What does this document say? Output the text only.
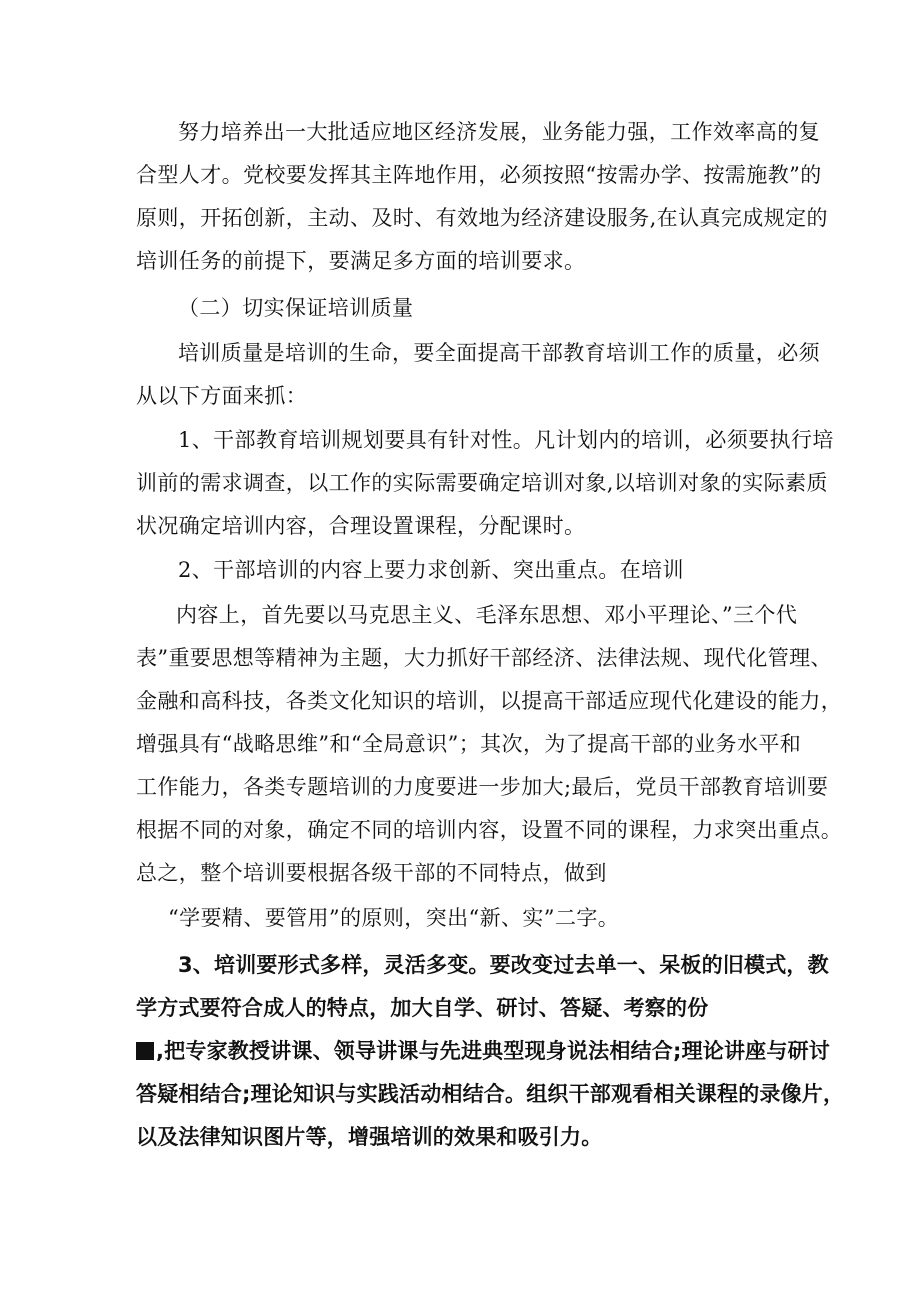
努力培养出一大批适应地区经济发展，业务能力强，工作效率高的复
合型人才。党校要发挥其主阵地作用，必须按照“按需办学、按需施教”的
原则，开拓创新，主动、及时、有效地为经济建设服务,在认真完成规定的
培训任务的前提下，要满足多方面的培训要求。
（二）切实保证培训质量
培训质量是培训的生命，要全面提高干部教育培训工作的质量，必须
从以下方面来抓：
1、干部教育培训规划要具有针对性。凡计划内的培训，必须要执行培
训前的需求调查，以工作的实际需要确定培训对象,以培训对象的实际素质
状况确定培训内容，合理设置课程，分配课时。
2、干部培训的内容上要力求创新、突出重点。在培训
内容上，首先要以马克思主义、毛泽东思想、邓小平理论、”三个代
表”重要思想等精神为主题，大力抓好干部经济、法律法规、现代化管理、
金融和高科技，各类文化知识的培训，以提高干部适应现代化建设的能力，
增强具有“战略思维”和“全局意识”；其次，为了提高干部的业务水平和
工作能力，各类专题培训的力度要进一步加大;最后，党员干部教育培训要
根据不同的对象，确定不同的培训内容，设置不同的课程，力求突出重点。
总之，整个培训要根据各级干部的不同特点，做到
“学要精、要管用”的原则，突出“新、实”二字。
3、培训要形式多样，灵活多变。要改变过去单一、呆板的旧模式，教
学方式要符合成人的特点，加大自学、研讨、答疑、考察的份
,把专家教授讲课、领导讲课与先进典型现身说法相结合;理论讲座与研讨
答疑相结合;理论知识与实践活动相结合。组织干部观看相关课程的录像片，
以及法律知识图片等，增强培训的效果和吸引力。
